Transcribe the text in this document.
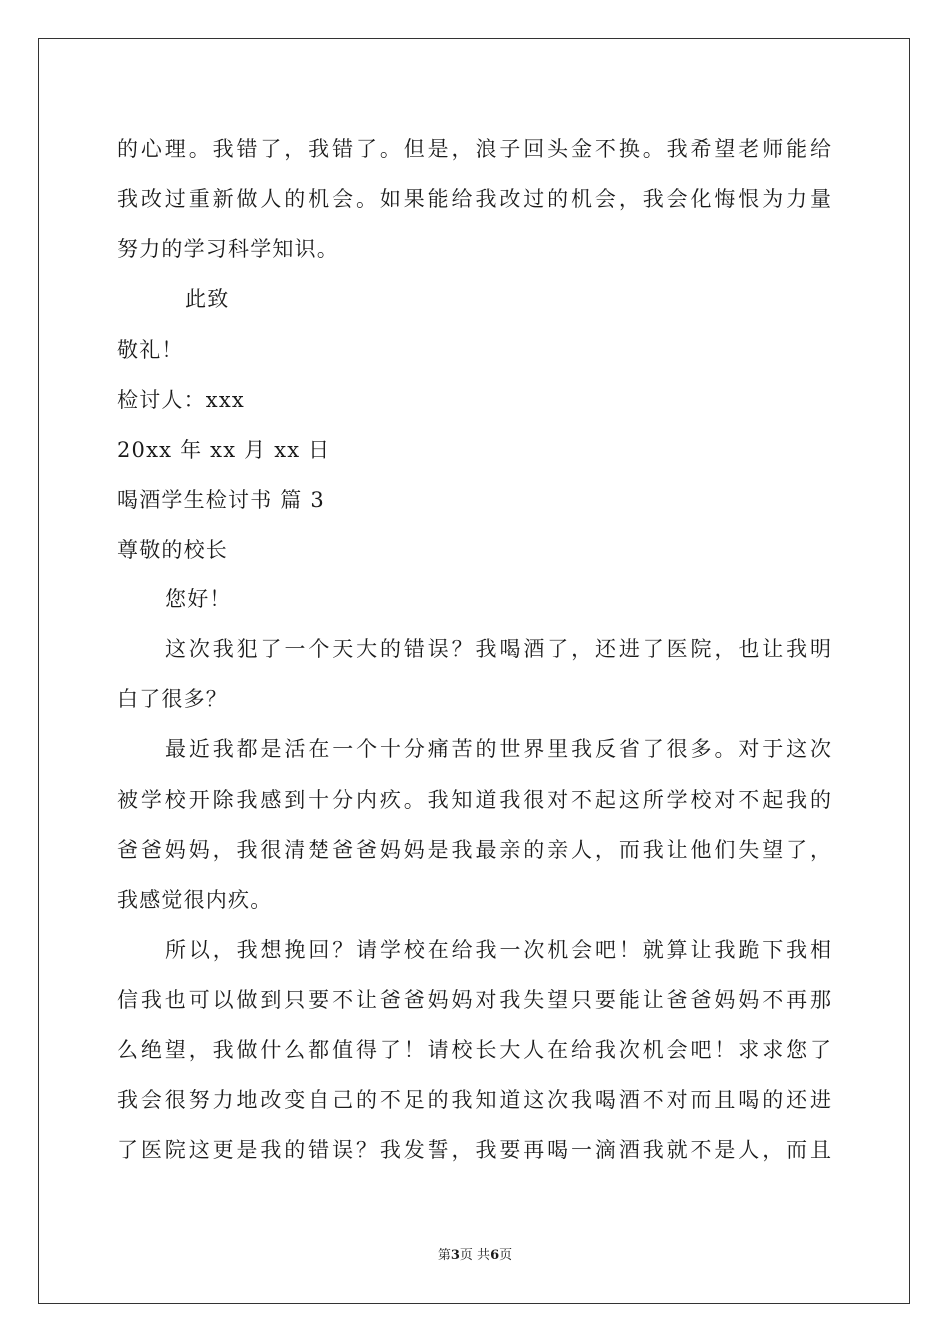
的心理。我错了，我错了。但是，浪子回头金不换。我希望老师能给
我改过重新做人的机会。如果能给我改过的机会，我会化悔恨为力量
努力的学习科学知识。
此致
敬礼！
检讨人：xxx
20xx 年 xx 月 xx 日
喝酒学生检讨书 篇 3
尊敬的校长
您好！
这次我犯了一个天大的错误？我喝酒了，还进了医院，也让我明
白了很多？
最近我都是活在一个十分痛苦的世界里我反省了很多。对于这次
被学校开除我感到十分内疚。我知道我很对不起这所学校对不起我的
爸爸妈妈，我很清楚爸爸妈妈是我最亲的亲人，而我让他们失望了，
我感觉很内疚。
所以，我想挽回？请学校在给我一次机会吧！就算让我跪下我相
信我也可以做到只要不让爸爸妈妈对我失望只要能让爸爸妈妈不再那
么绝望，我做什么都值得了！请校长大人在给我次机会吧！求求您了
我会很努力地改变自己的不足的我知道这次我喝酒不对而且喝的还进
了医院这更是我的错误？我发誓，我要再喝一滴酒我就不是人，而且
第3页 共6页
